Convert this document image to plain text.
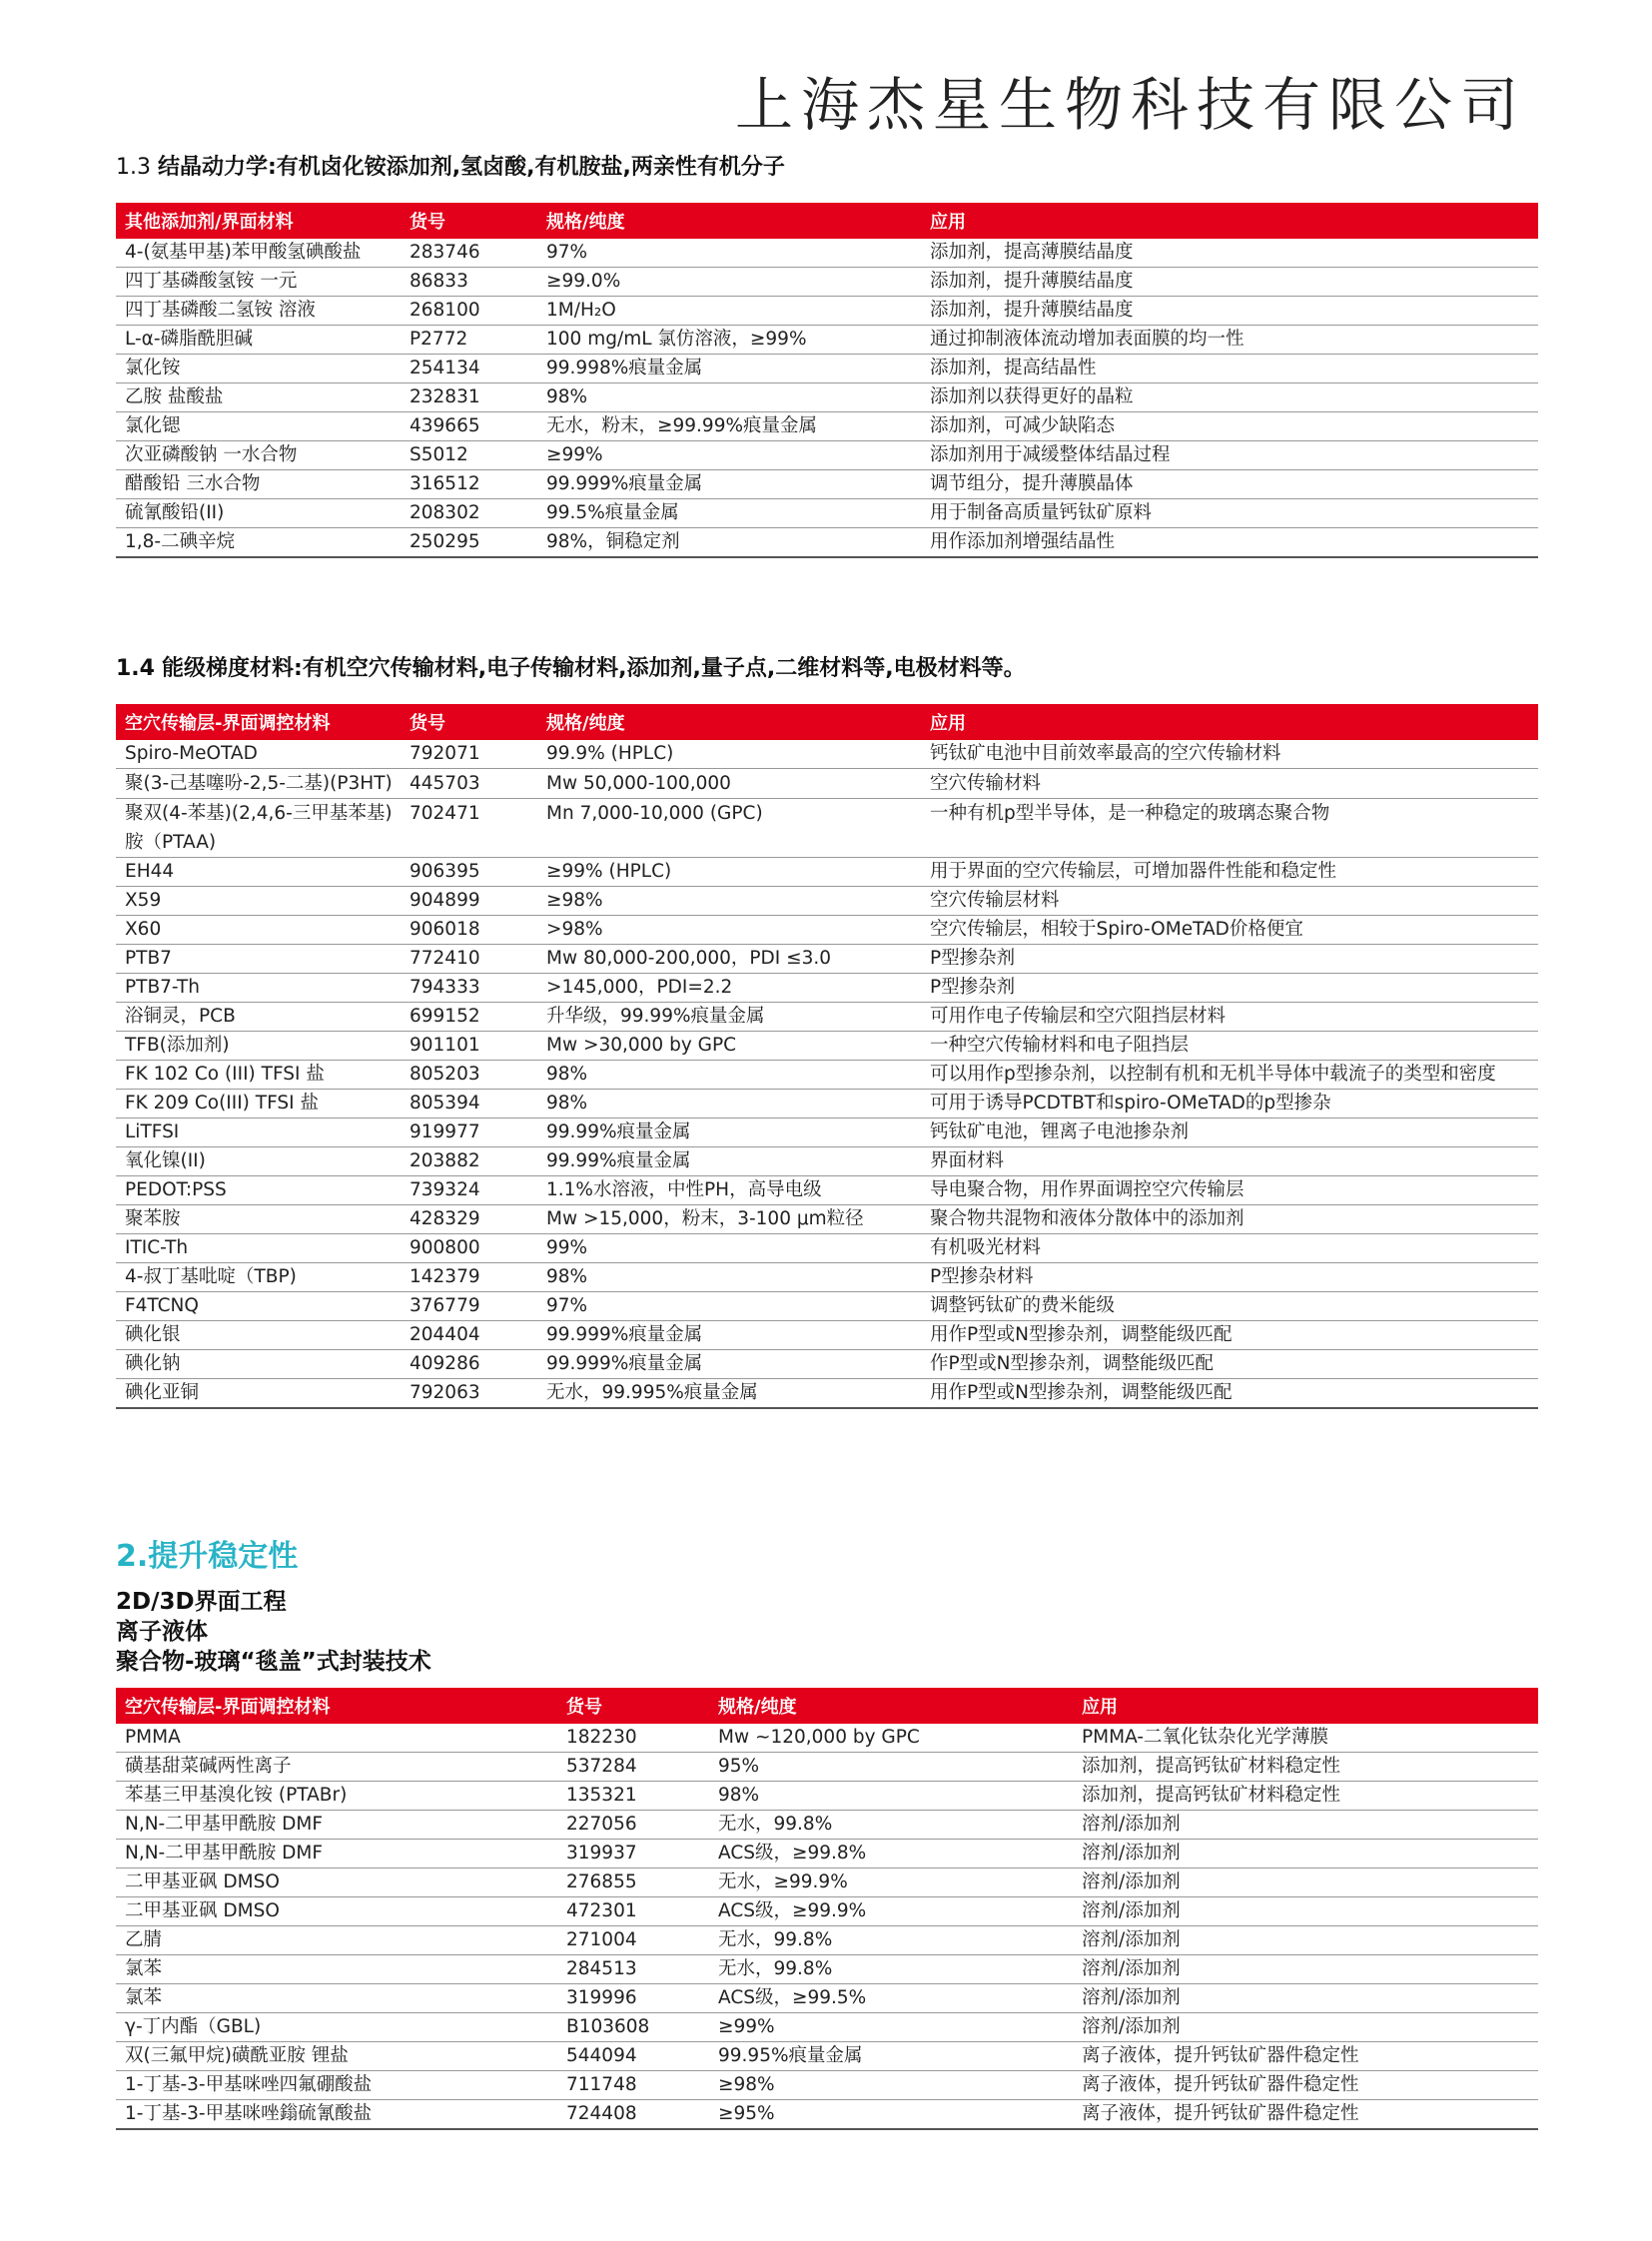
上海杰星生物科技有限公司
1.3 结晶动力学:有机卤化铵添加剂,氢卤酸,有机胺盐,两亲性有机分子
其他添加剂/界面材料	货号	规格/纯度	应用
4-(氨基甲基)苯甲酸氢碘酸盐	283746	97%	添加剂，提高薄膜结晶度
四丁基磷酸氢铵 一元	86833	≥99.0%	添加剂，提升薄膜结晶度
四丁基磷酸二氢铵 溶液	268100	1M/H₂O	添加剂，提升薄膜结晶度
L-α-磷脂酰胆碱	P2772	100 mg/mL 氯仿溶液，≥99%	通过抑制液体流动增加表面膜的均一性
氯化铵	254134	99.998%痕量金属	添加剂，提高结晶性
乙胺 盐酸盐	232831	98%	添加剂以获得更好的晶粒
氯化锶	439665	无水，粉末，≥99.99%痕量金属	添加剂，可减少缺陷态
次亚磷酸钠 一水合物	S5012	≥99%	添加剂用于减缓整体结晶过程
醋酸铅 三水合物	316512	99.999%痕量金属	调节组分，提升薄膜晶体
硫氰酸铅(II)	208302	99.5%痕量金属	用于制备高质量钙钛矿原料
1,8-二碘辛烷	250295	98%，铜稳定剂	用作添加剂增强结晶性
1.4 能级梯度材料:有机空穴传输材料,电子传输材料,添加剂,量子点,二维材料等,电极材料等。
空穴传输层-界面调控材料	货号	规格/纯度	应用
Spiro-MeOTAD	792071	99.9% (HPLC)	钙钛矿电池中目前效率最高的空穴传输材料
聚(3-己基噻吩-2,5-二基)(P3HT)	445703	Mw 50,000-100,000	空穴传输材料
聚双(4-苯基)(2,4,6-三甲基苯基)胺（PTAA)	702471	Mn 7,000-10,000 (GPC)	一种有机p型半导体，是一种稳定的玻璃态聚合物
EH44	906395	≥99% (HPLC)	用于界面的空穴传输层，可增加器件性能和稳定性
X59	904899	≥98%	空穴传输层材料
X60	906018	>98%	空穴传输层，相较于Spiro-OMeTAD价格便宜
PTB7	772410	Mw 80,000-200,000，PDI ≤3.0	P型掺杂剂
PTB7-Th	794333	>145,000，PDI=2.2	P型掺杂剂
浴铜灵，PCB	699152	升华级，99.99%痕量金属	可用作电子传输层和空穴阻挡层材料
TFB(添加剂)	901101	Mw >30,000 by GPC	一种空穴传输材料和电子阻挡层
FK 102 Co (III) TFSI 盐	805203	98%	可以用作p型掺杂剂，以控制有机和无机半导体中载流子的类型和密度
FK 209 Co(III) TFSI 盐	805394	98%	可用于诱导PCDTBT和spiro-OMeTAD的p型掺杂
LiTFSI	919977	99.99%痕量金属	钙钛矿电池，锂离子电池掺杂剂
氧化镍(II)	203882	99.99%痕量金属	界面材料
PEDOT:PSS	739324	1.1%水溶液，中性PH，高导电级	导电聚合物，用作界面调控空穴传输层
聚苯胺	428329	Mw >15,000，粉末，3-100 μm粒径	聚合物共混物和液体分散体中的添加剂
ITIC-Th	900800	99%	有机吸光材料
4-叔丁基吡啶（TBP)	142379	98%	P型掺杂材料
F4TCNQ	376779	97%	调整钙钛矿的费米能级
碘化银	204404	99.999%痕量金属	用作P型或N型掺杂剂，调整能级匹配
碘化钠	409286	99.999%痕量金属	作P型或N型掺杂剂，调整能级匹配
碘化亚铜	792063	无水，99.995%痕量金属	用作P型或N型掺杂剂，调整能级匹配
2.提升稳定性
2D/3D界面工程
离子液体
聚合物-玻璃“毯盖”式封装技术
空穴传输层-界面调控材料	货号	规格/纯度	应用
PMMA	182230	Mw ~120,000 by GPC	PMMA-二氧化钛杂化光学薄膜
磺基甜菜碱两性离子	537284	95%	添加剂，提高钙钛矿材料稳定性
苯基三甲基溴化铵 (PTABr)	135321	98%	添加剂，提高钙钛矿材料稳定性
N,N-二甲基甲酰胺 DMF	227056	无水，99.8%	溶剂/添加剂
N,N-二甲基甲酰胺 DMF	319937	ACS级，≥99.8%	溶剂/添加剂
二甲基亚砜 DMSO	276855	无水，≥99.9%	溶剂/添加剂
二甲基亚砜 DMSO	472301	ACS级，≥99.9%	溶剂/添加剂
乙腈	271004	无水，99.8%	溶剂/添加剂
氯苯	284513	无水，99.8%	溶剂/添加剂
氯苯	319996	ACS级，≥99.5%	溶剂/添加剂
γ-丁内酯（GBL)	B103608	≥99%	溶剂/添加剂
双(三氟甲烷)磺酰亚胺 锂盐	544094	99.95%痕量金属	离子液体，提升钙钛矿器件稳定性
1-丁基-3-甲基咪唑四氟硼酸盐	711748	≥98%	离子液体，提升钙钛矿器件稳定性
1-丁基-3-甲基咪唑鎓硫氰酸盐	724408	≥95%	离子液体，提升钙钛矿器件稳定性
